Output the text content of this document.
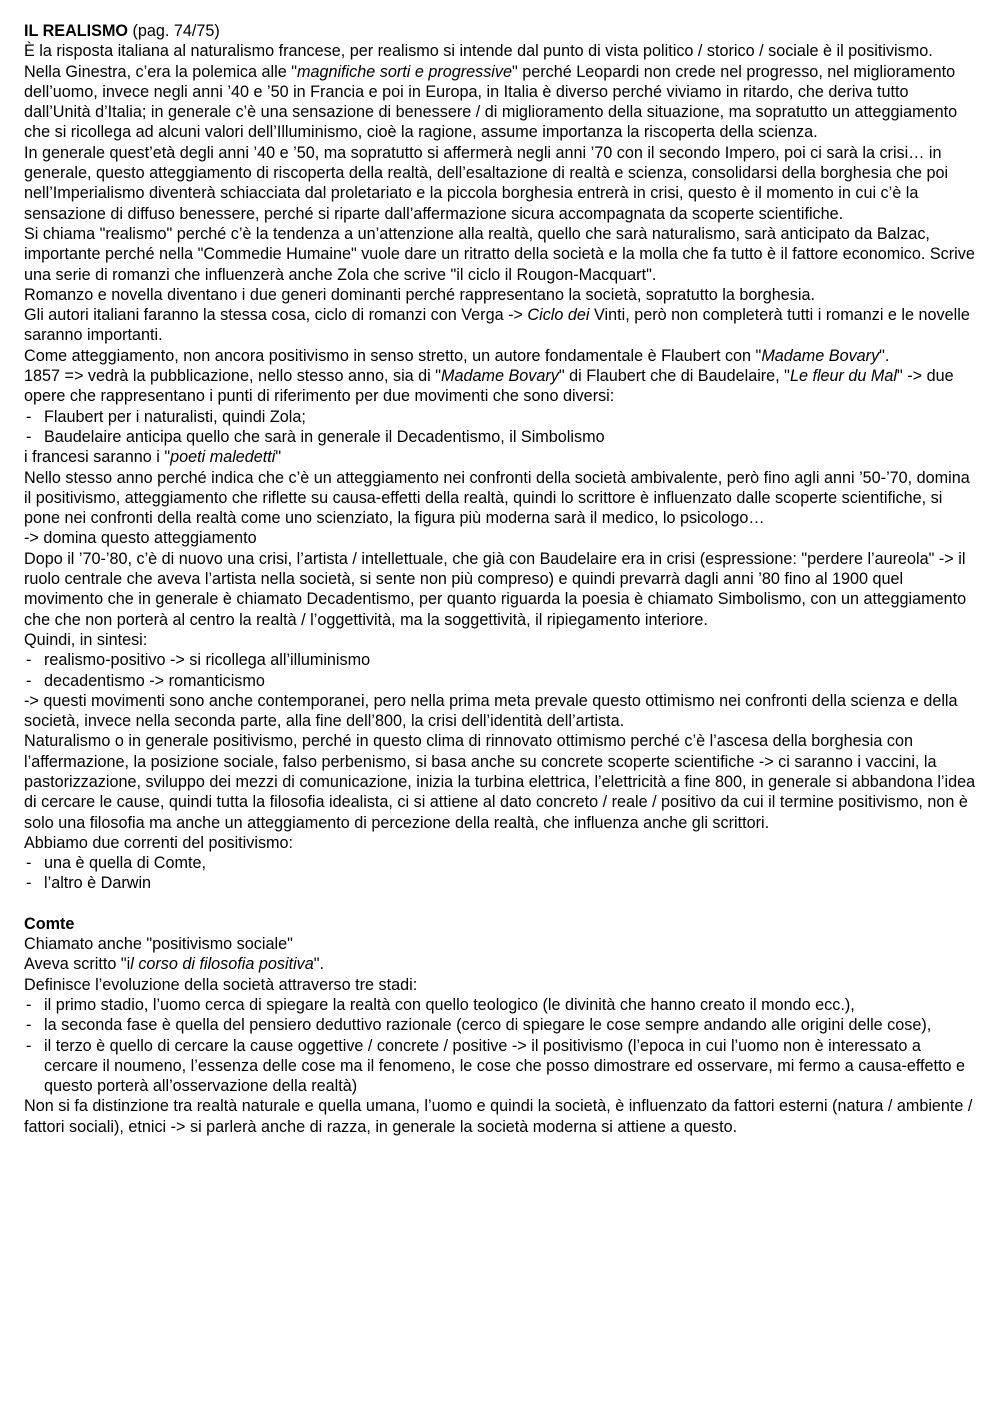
IL REALISMO (pag. 74/75)

È la risposta italiana al naturalismo francese, per realismo si intende dal punto di vista politico / storico / sociale è il positivismo.

Nella Ginestra, c’era la polemica alle "magnifiche sorti e progressive" perché Leopardi non crede nel progresso, nel miglioramento dell’uomo, invece negli anni ’40 e ’50 in Francia e poi in Europa, in Italia è diverso perché viviamo in ritardo, che deriva tutto dall’Unità d’Italia; in generale c’è una sensazione di benessere / di miglioramento della situazione, ma sopratutto un atteggiamento che si ricollega ad alcuni valori dell’Illuminismo, cioè la ragione, assume importanza la riscoperta della scienza.

In generale quest’età degli anni ’40 e ’50, ma sopratutto si affermerà negli anni ’70 con il secondo Impero, poi ci sarà la crisi… in generale, questo atteggiamento di riscoperta della realtà, dell’esaltazione di realtà e scienza, consolidarsi della borghesia che poi nell’Imperialismo diventerà schiacciata dal proletariato e la piccola borghesia entrerà in crisi, questo è il momento in cui c’è la sensazione di diffuso benessere, perché si riparte dall’affermazione sicura accompagnata da scoperte scientifiche.

Si chiama "realismo" perché c’è la tendenza a un’attenzione alla realtà, quello che sarà naturalismo, sarà anticipato da Balzac, importante perché nella "Commedie Humaine" vuole dare un ritratto della società e la molla che fa tutto è il fattore economico. Scrive una serie di romanzi che influenzerà anche Zola che scrive "il ciclo il Rougon-Macquart".

Romanzo e novella diventano i due generi dominanti perché rappresentano la società, sopratutto la borghesia.

Gli autori italiani faranno la stessa cosa, ciclo di romanzi con Verga -> Ciclo dei Vinti, però non completerà tutti i romanzi e le novelle saranno importanti.

Come atteggiamento, non ancora positivismo in senso stretto, un autore fondamentale è Flaubert con "Madame Bovary".

1857 => vedrà la pubblicazione, nello stesso anno, sia di "Madame Bovary" di Flaubert che di Baudelaire, "Le fleur du Mal" -> due opere che rappresentano i punti di riferimento per due movimenti che sono diversi:

- Flaubert per i naturalisti, quindi Zola;
- Baudelaire anticipa quello che sarà in generale il Decadentismo, il Simbolismo

i francesi saranno i "poeti maledetti"

Nello stesso anno perché indica che c’è un atteggiamento nei confronti della società ambivalente, però fino agli anni ’50-’70, domina il positivismo, atteggiamento che riflette su causa-effetti della realtà, quindi lo scrittore è influenzato dalle scoperte scientifiche, si pone nei confronti della realtà come uno scienziato, la figura più moderna sarà il medico, lo psicologo…

-> domina questo atteggiamento

Dopo il ’70-’80, c’è di nuovo una crisi, l’artista / intellettuale, che già con Baudelaire era in crisi (espressione: "perdere l’aureola" -> il ruolo centrale che aveva l’artista nella società, si sente non più compreso) e quindi prevarrà dagli anni ’80 fino al 1900 quel movimento che in generale è chiamato Decadentismo, per quanto riguarda la poesia è chiamato Simbolismo, con un atteggiamento che che non porterà al centro la realtà / l’oggettività, ma la soggettività, il ripiegamento interiore.

Quindi, in sintesi:

- realismo-positivo -> si ricollega all’illuminismo
- decadentismo -> romanticismo

-> questi movimenti sono anche contemporanei, pero nella prima meta prevale questo ottimismo nei confronti della scienza e della società, invece nella seconda parte, alla fine dell’800, la crisi dell’identità dell’artista.

Naturalismo o in generale positivismo, perché in questo clima di rinnovato ottimismo perché c’è l’ascesa della borghesia con l’affermazione, la posizione sociale, falso perbenismo, si basa anche su concrete scoperte scientifiche -> ci saranno i vaccini, la pastorizzazione, sviluppo dei mezzi di comunicazione, inizia la turbina elettrica, l’elettricità a fine 800, in generale si abbandona l’idea di cercare le cause, quindi tutta la filosofia idealista, ci si attiene al dato concreto / reale / positivo da cui il termine positivismo, non è solo una filosofia ma anche un atteggiamento di percezione della realtà, che influenza anche gli scrittori.

Abbiamo due correnti del positivismo:

- una è quella di Comte,
- l’altro è Darwin

Comte

Chiamato anche "positivismo sociale"

Aveva scritto "il corso di filosofia positiva".

Definisce l’evoluzione della società attraverso tre stadi:

- il primo stadio, l’uomo cerca di spiegare la realtà con quello teologico (le divinità che hanno creato il mondo ecc.),
- la seconda fase è quella del pensiero deduttivo razionale (cerco di spiegare le cose sempre andando alle origini delle cose),
- il terzo è quello di cercare la cause oggettive / concrete / positive -> il positivismo (l’epoca in cui l’uomo non è interessato a cercare il noumeno, l’essenza delle cose ma il fenomeno, le cose che posso dimostrare ed osservare, mi fermo a causa-effetto e questo porterà all’osservazione della realtà)

Non si fa distinzione tra realtà naturale e quella umana, l’uomo e quindi la società, è influenzato da fattori esterni (natura / ambiente / fattori sociali), etnici -> si parlerà anche di razza, in generale la società moderna si attiene a questo.
